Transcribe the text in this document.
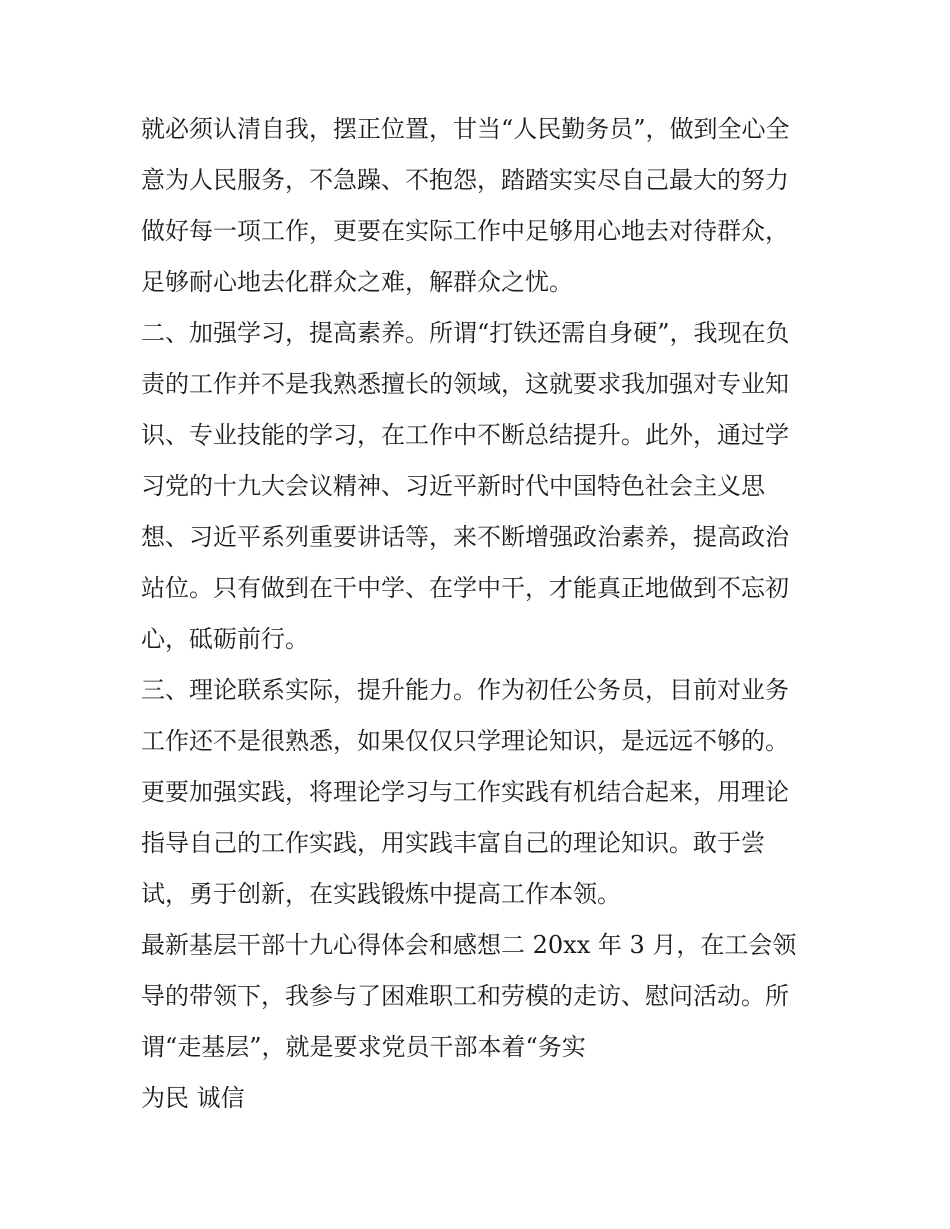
就必须认清自我，摆正位置，甘当“人民勤务员”，做到全心全
意为人民服务，不急躁、不抱怨，踏踏实实尽自己最大的努力
做好每一项工作，更要在实际工作中足够用心地去对待群众，
足够耐心地去化群众之难，解群众之忧。
二、加强学习，提高素养。所谓“打铁还需自身硬”，我现在负
责的工作并不是我熟悉擅长的领域，这就要求我加强对专业知
识、专业技能的学习，在工作中不断总结提升。此外，通过学
习党的十九大会议精神、习近平新时代中国特色社会主义思
想、习近平系列重要讲话等，来不断增强政治素养，提高政治
站位。只有做到在干中学、在学中干，才能真正地做到不忘初
心，砥砺前行。
三、理论联系实际，提升能力。作为初任公务员，目前对业务
工作还不是很熟悉，如果仅仅只学理论知识，是远远不够的。
更要加强实践，将理论学习与工作实践有机结合起来，用理论
指导自己的工作实践，用实践丰富自己的理论知识。敢于尝
试，勇于创新，在实践锻炼中提高工作本领。
最新基层干部十九心得体会和感想二 20xx 年 3 月，在工会领
导的带领下，我参与了困难职工和劳模的走访、慰问活动。所
谓“走基层”，就是要求党员干部本着“务实
为民 诚信
